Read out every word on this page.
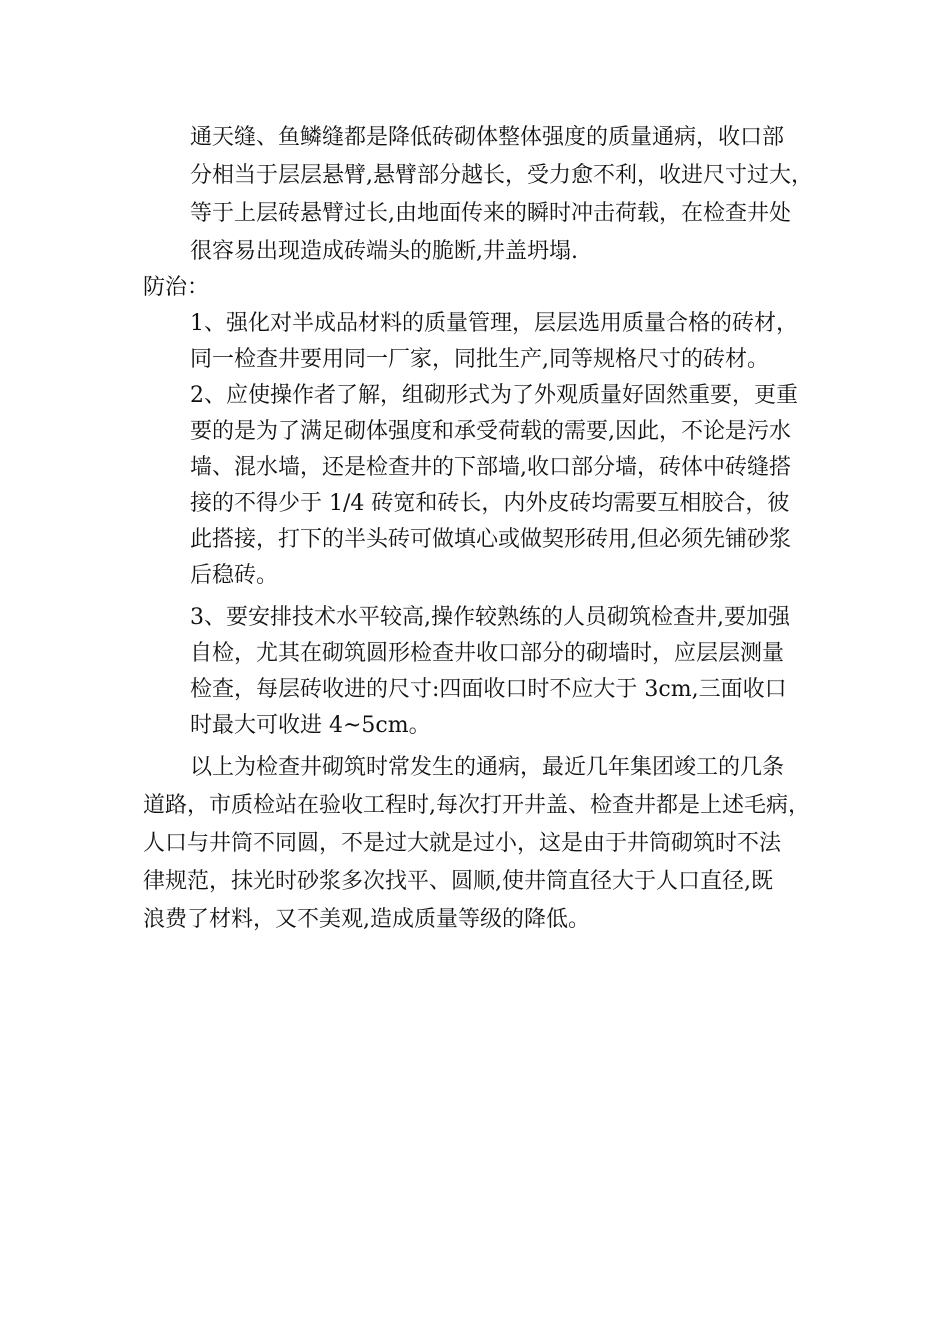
通天缝、鱼鳞缝都是降低砖砌体整体强度的质量通病，收口部
分相当于层层悬臂,悬臂部分越长，受力愈不利，收进尺寸过大，
等于上层砖悬臂过长,由地面传来的瞬时冲击荷载，在检查井处
很容易出现造成砖端头的脆断,井盖坍塌.
防治：
1、强化对半成品材料的质量管理，层层选用质量合格的砖材，
同一检查井要用同一厂家，同批生产,同等规格尺寸的砖材。
2、应使操作者了解，组砌形式为了外观质量好固然重要，更重
要的是为了满足砌体强度和承受荷载的需要,因此，不论是污水
墙、混水墙，还是检查井的下部墙,收口部分墙，砖体中砖缝搭
接的不得少于 1/4 砖宽和砖长，内外皮砖均需要互相胶合，彼
此搭接，打下的半头砖可做填心或做契形砖用,但必须先铺砂浆
后稳砖。
3、要安排技术水平较高,操作较熟练的人员砌筑检查井,要加强
自检，尤其在砌筑圆形检查井收口部分的砌墙时，应层层测量
检查，每层砖收进的尺寸:四面收口时不应大于 3cm,三面收口
时最大可收进 4~5cm。
以上为检查井砌筑时常发生的通病，最近几年集团竣工的几条
道路，市质检站在验收工程时,每次打开井盖、检查井都是上述毛病，
人口与井筒不同圆，不是过大就是过小，这是由于井筒砌筑时不法
律规范，抹光时砂浆多次找平、圆顺,使井筒直径大于人口直径,既
浪费了材料，又不美观,造成质量等级的降低。
